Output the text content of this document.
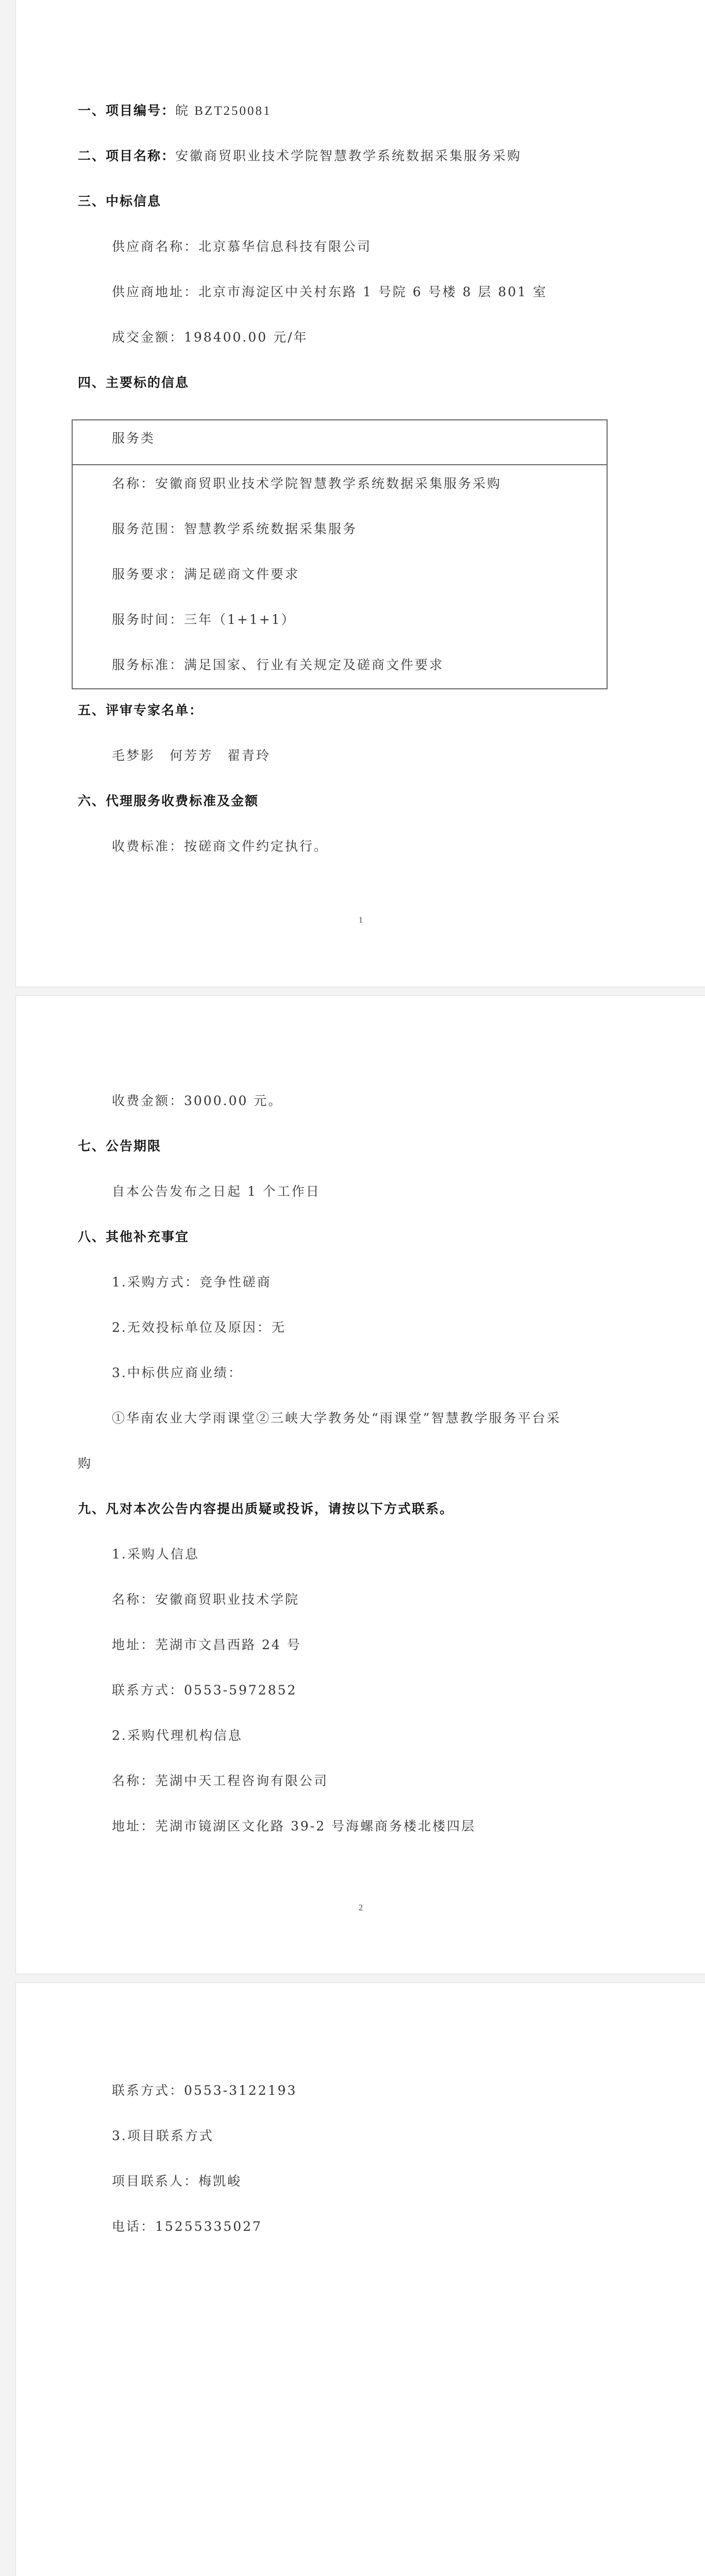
一、项目编号：皖 BZT250081
二、项目名称：安徽商贸职业技术学院智慧教学系统数据采集服务采购
三、中标信息
供应商名称：北京慕华信息科技有限公司
供应商地址：北京市海淀区中关村东路 1 号院 6 号楼 8 层 801 室
成交金额：198400.00 元/年
四、主要标的信息
服务类
名称：安徽商贸职业技术学院智慧教学系统数据采集服务采购
服务范围：智慧教学系统数据采集服务
服务要求：满足磋商文件要求
服务时间：三年（1+1+1）
服务标准：满足国家、行业有关规定及磋商文件要求
五、评审专家名单：
毛梦影　何芳芳　翟青玲
六、代理服务收费标准及金额
收费标准：按磋商文件约定执行。
1
收费金额：3000.00 元。
七、公告期限
自本公告发布之日起 1 个工作日
八、其他补充事宜
1.采购方式：竞争性磋商
2.无效投标单位及原因：无
3.中标供应商业绩：
①华南农业大学雨课堂②三峡大学教务处“雨课堂”智慧教学服务平台采
购
九、凡对本次公告内容提出质疑或投诉，请按以下方式联系。
1.采购人信息
名称：安徽商贸职业技术学院
地址：芜湖市文昌西路 24 号
联系方式：0553-5972852
2.采购代理机构信息
名称：芜湖中天工程咨询有限公司
地址：芜湖市镜湖区文化路 39-2 号海螺商务楼北楼四层
2
联系方式：0553-3122193
3.项目联系方式
项目联系人：梅凯峻
电话：15255335027
